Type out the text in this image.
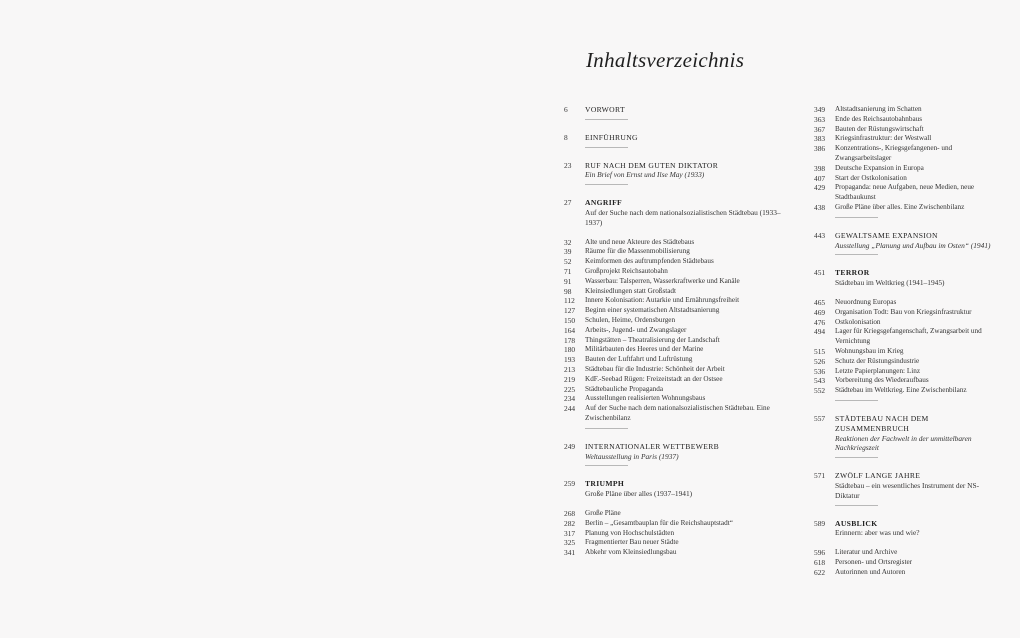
Inhaltsverzeichnis
6	VORWORT
8	EINFÜHRUNG
23	RUF NACH DEM GUTEN DIKTATOR
Ein Brief von Ernst und Ilse May (1933)
27	ANGRIFF
Auf der Suche nach dem nationalsozialistischen Städtebau (1933–1937)
32	Alte und neue Akteure des Städtebaus
39	Räume für die Massenmobilisierung
52	Keimformen des auftrumpfenden Städtebaus
71	Großprojekt Reichsautobahn
91	Wasserbau: Talsperren, Wasserkraftwerke und Kanäle
98	Kleinsiedlungen statt Großstadt
112	Innere Kolonisation: Autarkie und Ernährungsfreiheit
127	Beginn einer systematischen Altstadtsanierung
150	Schulen, Heime, Ordensburgen
164	Arbeits-, Jugend- und Zwangslager
178	Thingstätten – Theatralisierung der Landschaft
180	Militärbauten des Heeres und der Marine
193	Bauten der Luftfahrt und Luftrüstung
213	Städtebau für die Industrie: Schönheit der Arbeit
219	KdF.-Seebad Rügen: Freizeitstadt an der Ostsee
225	Städtebauliche Propaganda
234	Ausstellungen realisierten Wohnungsbaus
244	Auf der Suche nach dem nationalsozialistischen Städtebau. Eine Zwischenbilanz
249	INTERNATIONALER WETTBEWERB
Weltausstellung in Paris (1937)
259	TRIUMPH
Große Pläne über alles (1937–1941)
268	Große Pläne
282	Berlin – „Gesamtbauplan für die Reichshauptstadt“
317	Planung von Hochschulstädten
325	Fragmentierter Bau neuer Städte
341	Abkehr vom Kleinsiedlungsbau
349	Altstadtsanierung im Schatten
363	Ende des Reichsautobahnbaus
367	Bauten der Rüstungswirtschaft
383	Kriegsinfrastruktur: der Westwall
386	Konzentrations-, Kriegsgefangenen- und Zwangsarbeitslager
398	Deutsche Expansion in Europa
407	Start der Ostkolonisation
429	Propaganda: neue Aufgaben, neue Medien, neue Stadtbaukunst
438	Große Pläne über alles. Eine Zwischenbilanz
443	GEWALTSAME EXPANSION
Ausstellung „Planung und Aufbau im Osten“ (1941)
451	TERROR
Städtebau im Weltkrieg (1941–1945)
465	Neuordnung Europas
469	Organisation Todt: Bau von Kriegsinfrastruktur
476	Ostkolonisation
494	Lager für Kriegsgefangenschaft, Zwangsarbeit und Vernichtung
515	Wohnungsbau im Krieg
526	Schutz der Rüstungsindustrie
536	Letzte Papierplanungen: Linz
543	Vorbereitung des Wiederaufbaus
552	Städtebau im Weltkrieg. Eine Zwischenbilanz
557	STÄDTEBAU NACH DEM ZUSAMMENBRUCH
Reaktionen der Fachwelt in der unmittelbaren Nachkriegszeit
571	ZWÖLF LANGE JAHRE
Städtebau – ein wesentliches Instrument der NS-Diktatur
589	AUSBLICK
Erinnern: aber was und wie?
596	Literatur und Archive
618	Personen- und Ortsregister
622	Autorinnen und Autoren
